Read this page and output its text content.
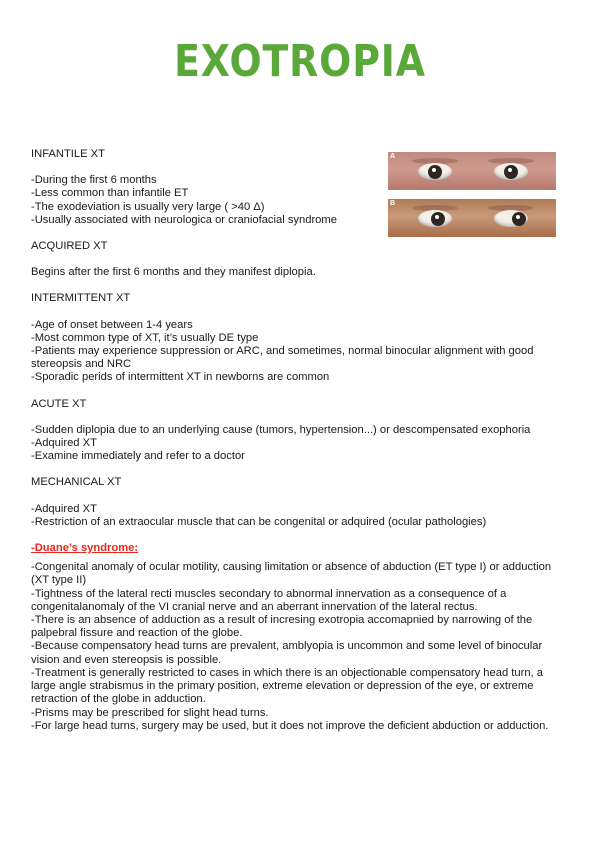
EXOTROPIA
A
B
INFANTILE XT
-During the first 6 months
-Less common than infantile ET
-The exodeviation is usually very large ( >40 Δ)
-Usually associated with neurologica or craniofacial syndrome
ACQUIRED XT
Begins after the first 6 months and they manifest diplopia.
INTERMITTENT XT
-Age of onset between 1-4 years
-Most common type of XT, it’s usually DE type
-Patients may experience suppression or ARC, and sometimes, normal binocular alignment with good stereopsis and NRC
-Sporadic perids of intermittent XT in newborns are common
ACUTE XT
-Sudden diplopia due to an underlying cause (tumors, hypertension...) or descompensated exophoria
-Adquired XT
-Examine immediately and refer to a doctor
MECHANICAL XT
-Adquired XT
-Restriction of an extraocular muscle that can be congenital or adquired (ocular pathologies)
-Duane’s syndrome:
-Congenital anomaly of ocular motility, causing limitation or absence of abduction (ET type I) or adduction (XT type II)
-Tightness of the lateral recti muscles secondary to abnormal innervation as a consequence of a congenitalanomaly of the VI cranial nerve and an aberrant innervation of the lateral rectus.
-There is an absence of adduction as a result of incresing exotropia accomapnied by narrowing of the palpebral fissure and reaction of the globe.
-Because compensatory head turns are prevalent, amblyopia is uncommon and some level of binocular vision and even stereopsis is possible.
-Treatment is generally restricted to cases in which there is an objectionable compensatory head turn, a large angle strabismus in the primary position, extreme elevation or depression of the eye, or extreme retraction of the globe in adduction.
-Prisms may be prescribed for slight head turns.
-For large head turns, surgery may be used, but it does not improve the deficient abduction or adduction.
